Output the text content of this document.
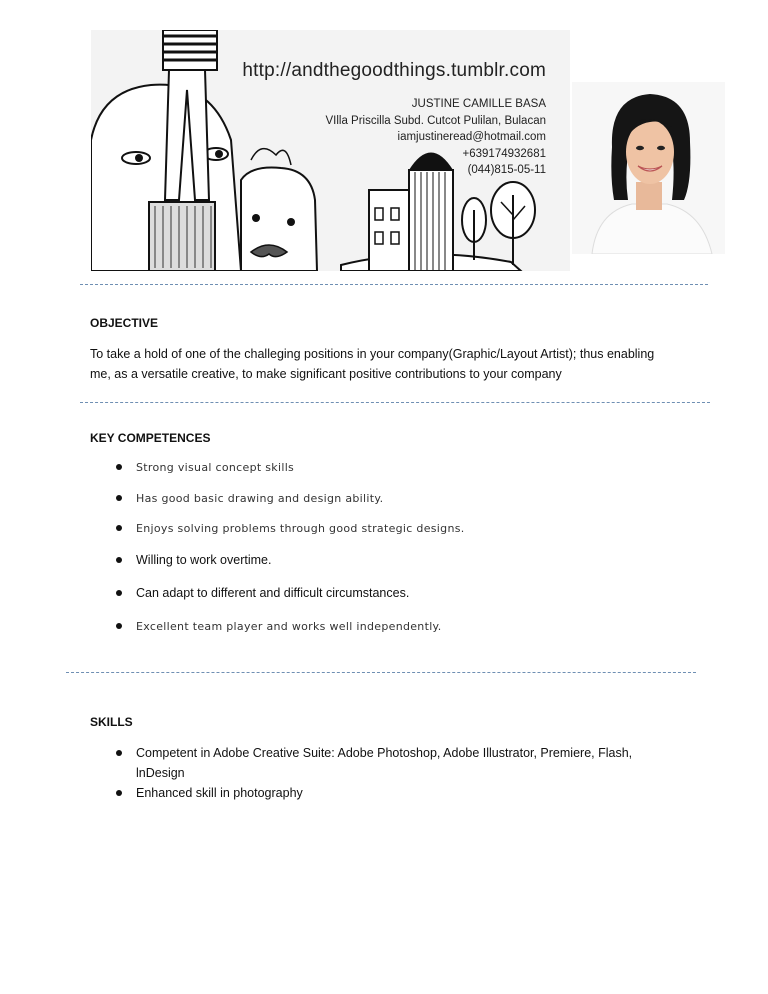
http://andthegoodthings.tumblr.com
JUSTINE CAMILLE BASA
VIlla Priscilla Subd. Cutcot Pulilan, Bulacan
iamjustineread@hotmail.com
+639174932681
(044)815-05-11
OBJECTIVE
To take a hold of one of the challeging positions in your company(Graphic/Layout Artist); thus enabling
me, as a versatile creative, to make significant positive contributions to your company
KEY COMPETENCES
Strong visual concept skills
Has good basic drawing and design ability.
Enjoys solving problems through good strategic designs.
Willing to work overtime.
Can adapt to different and difficult circumstances.
Excellent team player and works well independently.
SKILLS
Competent in Adobe Creative Suite: Adobe Photoshop, Adobe Illustrator, Premiere, Flash,
lnDesign
Enhanced skill in photography
